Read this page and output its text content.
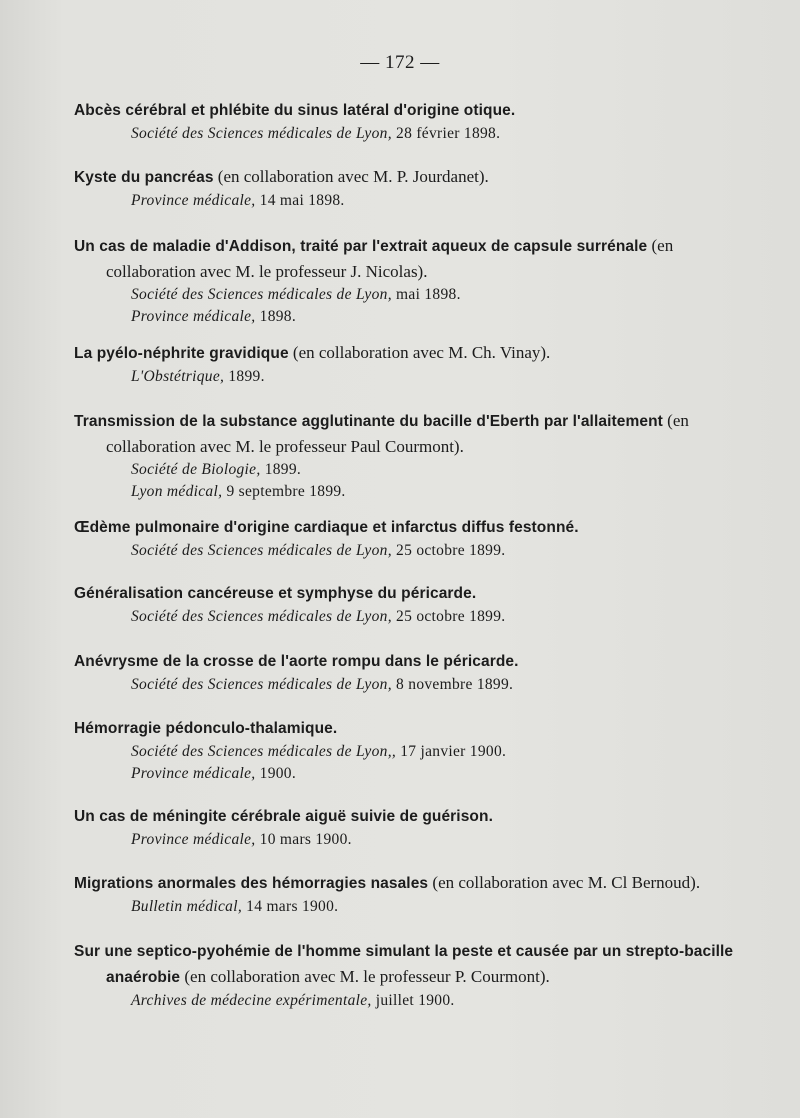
— 172 —
Abcès cérébral et phlébite du sinus latéral d'origine otique.
Société des Sciences médicales de Lyon, 28 février 1898.
Kyste du pancréas (en collaboration avec M. P. Jourdanet).
Province médicale, 14 mai 1898.
Un cas de maladie d'Addison, traité par l'extrait aqueux de capsule surrénale (en collaboration avec M. le professeur J. Nicolas).
Société des Sciences médicales de Lyon, mai 1898.
Province médicale, 1898.
La pyélo-néphrite gravidique (en collaboration avec M. Ch. Vinay).
L'Obstétrique, 1899.
Transmission de la substance agglutinante du bacille d'Eberth par l'allaitement (en collaboration avec M. le professeur Paul Courmont).
Société de Biologie, 1899.
Lyon médical, 9 septembre 1899.
Œdème pulmonaire d'origine cardiaque et infarctus diffus festonné.
Société des Sciences médicales de Lyon, 25 octobre 1899.
Généralisation cancéreuse et symphyse du péricarde.
Société des Sciences médicales de Lyon, 25 octobre 1899.
Anévrysme de la crosse de l'aorte rompu dans le péricarde.
Société des Sciences médicales de Lyon, 8 novembre 1899.
Hémorragie pédonculo-thalamique.
Société des Sciences médicales de Lyon,, 17 janvier 1900.
Province médicale, 1900.
Un cas de méningite cérébrale aiguë suivie de guérison.
Province médicale, 10 mars 1900.
Migrations anormales des hémorragies nasales (en collaboration avec M. Cl Bernoud).
Bulletin médical, 14 mars 1900.
Sur une septico-pyohémie de l'homme simulant la peste et causée par un strepto-bacille anaérobie (en collaboration avec M. le professeur P. Courmont).
Archives de médecine expérimentale, juillet 1900.
